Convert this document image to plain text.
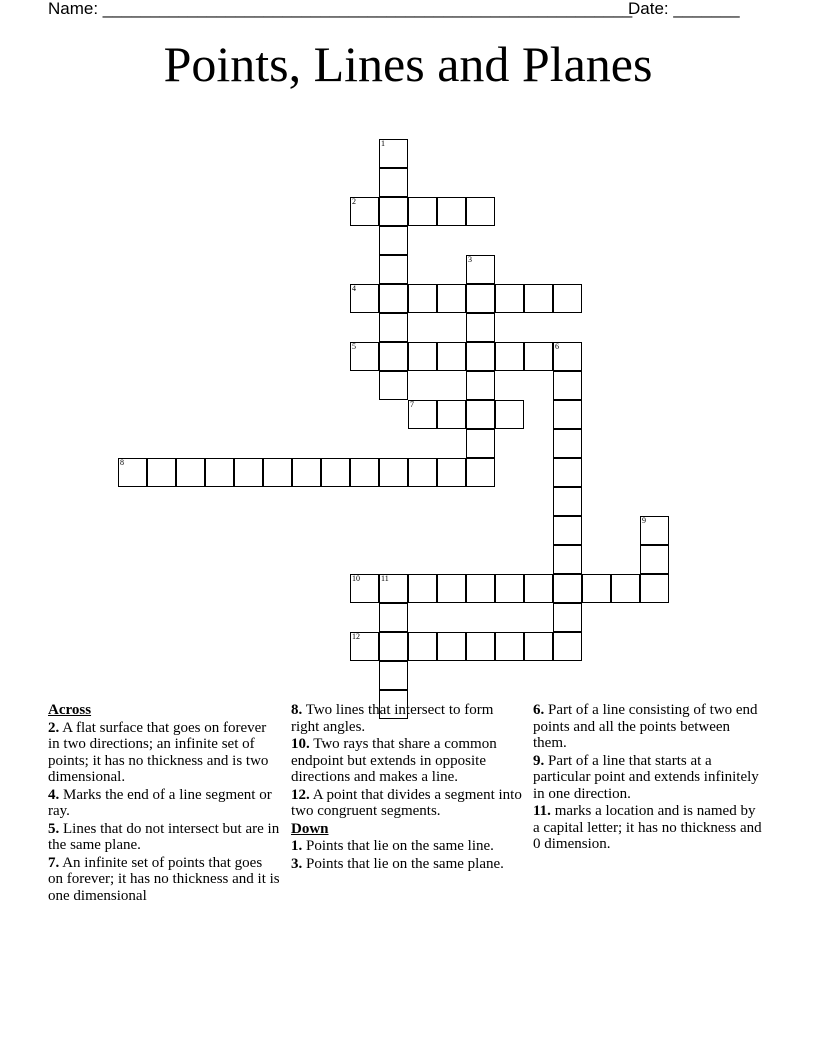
Name: ________________________________________________________
Date: _______
Points, Lines and Planes
1
2
3
4
5	6
7
8
9
10	11
12
Across
2. A flat surface that goes on forever in two directions; an infinite set of points; it has no thickness and is two dimensional.
4. Marks the end of a line segment or ray.
5. Lines that do not intersect but are in the same plane.
7. An infinite set of points that goes on forever; it has no thickness and it is one dimensional
8. Two lines that intersect to form right angles.
10. Two rays that share a common endpoint but extends in opposite directions and makes a line.
12. A point that divides a segment into two congruent segments.
Down
1. Points that lie on the same line.
3. Points that lie on the same plane.
6. Part of a line consisting of two end points and all the points between them.
9. Part of a line that starts at a particular point and extends infinitely in one direction.
11. marks a location and is named by a capital letter; it has no thickness and 0 dimension.
